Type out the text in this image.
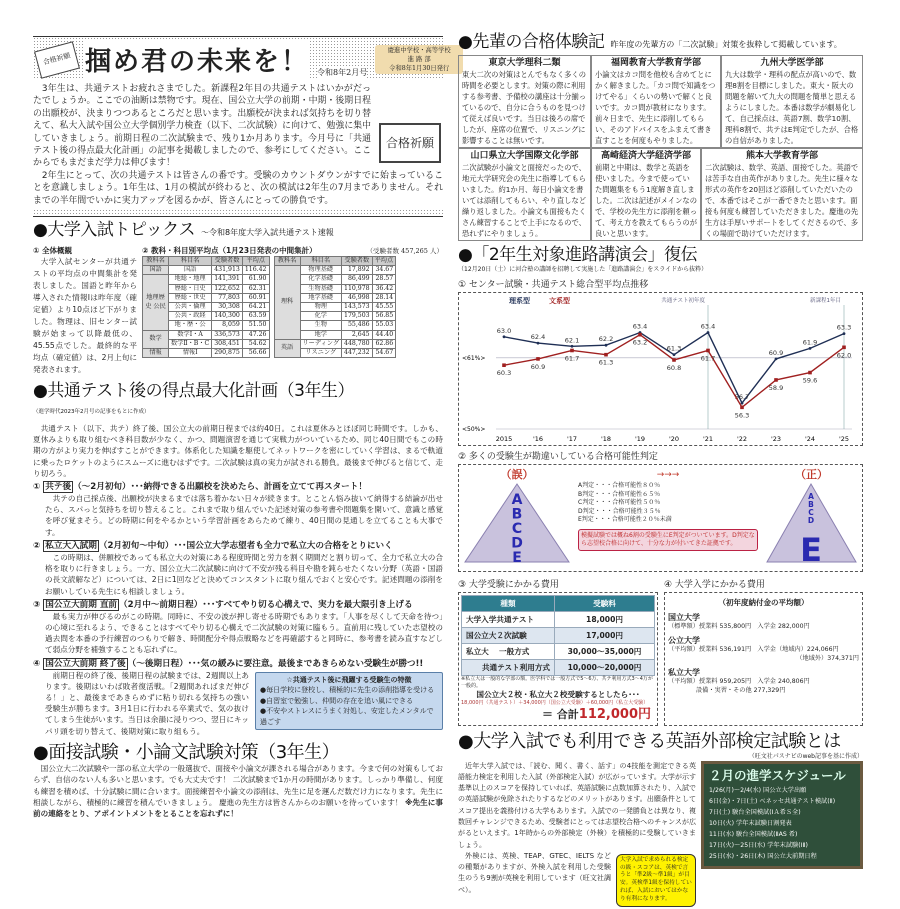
合格祈願 掴め君の未来を！ 令和8年2月号
慶進中学校・高等学校
進 路 部
令和8年1月30日発行
合格祈願

3年生は、共通テストお疲れさまでした。新課程2年目の共通テストはいかがだったでしょうか。ここでの油断は禁物です。現在、国公立大学の前期・中期・後期日程の出願校が、決まりつつあるところだと思います。出願校が決まれば気持ちを切り替えて、私大入試や国公立大学個別学力検査（以下、二次試験）に向けて、勉強に集中していきましょう。前期日程の二次試験まで、残り1か月あります。今月号に「共通テスト後の得点最大化計画」の記事を掲載しましたので、参考にしてください。ここからでもまだまだ学力は伸びます！

2年生にとって、次の共通テストは皆さんの番です。受験のカウントダウンがすでに始まっていることを意識しましょう。1年生は、1月の模試が終わると、次の模試は2年生の7月までありません。それまでの半年間でいかに実力アップを図るかが、皆さんにとっての勝負です。

●大学入試トピックス ～令和8年度大学入試共通テスト速報
① 全体概観
大学入試センターが共通テストの平均点の中間集計を発表しました。国語と昨年から導入された情報Ⅰは昨年度（確定値）より10点ほど下がりました。物理は、旧センター試験が始まって以降最低の、45.55点でした。最終的な平均点（確定値）は、2月上旬に発表されます。
② 教科・科目別平均点（1月23日発表の中間集計）	（受験者数 457,265 人）
教科名	科目名	受験者数	平均点
国語	国語	431,913	116.42
地理歴史 公民	地総・地理	141,391	61.90
	歴総・日史	122,652	62.31
	歴総・世史	77,803	60.91
	公共・倫理	30,308	64.21
	公共・政経	140,300	63.59
	地・歴・公	8,059	51.50
数学	数学Ⅰ・A	336,573	47.26
	数学Ⅱ・B・C	308,451	54.62
情報	情報Ⅰ	290,875	56.66
教科名	科目名	受験者数	平均点
理科	物理基礎	17,892	34.67
	化学基礎	86,499	28.57
	生物基礎	110,978	36.42
	地学基礎	46,998	28.14
	物理	143,573	45.55
	化学	179,503	56.85
	生物	55,486	55.03
	地学	2,645	44.40
英語	リーディング	448,780	62.86
	リスニング	447,232	54.67
●共通テスト後の得点最大化計画（3年生）
（進学時代2023年2月号の記事をもとに作成）

共通テスト（以下、共テ）終了後、国公立大の前期日程までは約40日。これは夏休みとほぼ同じ時間です。しかも、夏休みよりも取り組むべき科目数が少なく、かつ、問題演習を通じて実戦力がついているため、同じ40日間でもこの時期の方がより実力を伸ばすことができます。体系化した知識を駆使してネットワークを密にしていく学習は、まるで軌道に乗ったロケットのようにスムーズに進むはずです。二次試験は真の実力が試される勝負。最後まで伸びると信じて、走り切ろう。

① 共テ後 （～2月初旬）･･･納得できる出願校を決めたら、計画を立てて再スタート！

共テの自己採点後、出願校が決まるまでは落ち着かない日々が続きます。とことん悩み抜いて納得する結論が出せたら、スパっと気持ちを切り替えること。これまで取り組んでいた記述対策の参考書や問題集を開いて、意識と感覚を呼び覚まそう。どの時期に何をやるかという学習計画をあらためて練り、40日間の見通しを立てることも大事です。

② 私立大入試期 （2月初旬～中旬）･･･国公立大学志望者も全力で私立大の合格をとりにいく

この時期は、併願校であっても私立大の対策にある程度時間と労力を割く期間だと割り切って、全力で私立大の合格を取りに行きましょう。一方、国公立大二次試験に向けて不安が残る科目や勘を鈍らせたくない分野（英語・国語の長文読解など）については、2日に1回などと決めてコンスタントに取り組んでおくと安心です。記述問題の添削をお願いしている先生にも相談しましょう。

③ 国公立大前期 直前 （2月中～前期日程）･･･すべてやり切る心構えで、実力を最大限引き上げる

最も実力が伸びるのがこの時期。同時に、不安の波が押し寄せる時期でもあります。「人事を尽くして天命を待つ」の心境に至れるよう、できることはすべてやり切る心構えで二次試験の対策に臨もう。直前用に残していた志望校の過去問を本番の予行練習のつもりで解き、時間配分や得点戦略などを再確認すると同時に、参考書を読み直すなどして弱点分野を補強することも忘れずに。

④ 国公立大前期 終了後 （～後期日程）･･･気の緩みに要注意。最後まであきらめない受験生が勝つ!!
☆共通テスト後に飛躍する受験生の特徴
●毎日学校に登校し、積極的に先生の添削指導を受ける
●自習室で勉強し、仲間の存在を追い風にできる
●不安やストレスにうまく対処し、安定したメンタルで過ごす

前期日程の終了後、後期日程の試験までは、2週間以上あります。後期はいわば敗者復活戦。「2週間あればまだ伸びる！」と、最後まであきらめずに粘り切れる気持ちの強い受験生が勝ちます。3月1日に行われる卒業式で、気の抜けてしまう生徒がいます。当日は余韻に浸りつつ、翌日にキッパリ頭を切り替えて、後期対策に取り組もう。

●面接試験・小論文試験対策（3年生）
国公立大二次試験や一部の私立大学の一般選抜で、面接や小論文が課される場合があります。今まで何の対策もしておらず、自信のない人も多いと思います。でも大丈夫です！ 二次試験まで1か月の時間があります。しっかり準備し、何度も練習を積めば、十分試験に間に合います。面接練習や小論文の添削は、先生に足を運んだ数だけ力になります。先生に相談しながら、積極的に練習を積んでいきましょう。 慶進の先生方は皆さんからのお願いを待っています！ ※先生に事前の連絡をとり、アポイントメントをとることを忘れずに！
●先輩の合格体験記 昨年度の先輩方の「二次試験」対策を抜粋して掲載しています。
東京大学理科二類
東大二次の対策はとんでもなく多くの時間を必要とします。対策の際に利用する参考書、予備校の講座は十分揃っているので、自分に合うものを見つけて従えば良いです。当日は後ろの席でしたが、座席の位置で、リスニングに影響することは無いです。
福岡教育大学教育学部
小論文はカコ問を他校も含めてとにかく解きました。「カコ問で知識をつけてやる」くらいの勢いで解くと良いです。カコ問が教材になります。前々日まで、先生に添削してもらい、そのアドバイスをふまえて書き直すことを何度もやりました。
九州大学医学部
九大は数学・理科の配点が高いので、数理8割を目標にしました。東大・阪大の問題を解いて九大の問題を簡単と思えるようにしました。本番は数学が劇易化して、自己採点は、英語7割、数学10割、理科8割で、共テはE判定でしたが、合格の自信がありました。
山口県立大学国際文化学部
二次試験が小論文と面接だったので、地元大学研究会の先生に指導してもらいました。約1か月、毎日小論文を書いては添削してもらい、やり直しなど繰り返しました。小論文も面接もたくさん練習することで上手になるので、恐れずにやりましょう。
高崎経済大学経済学部
前期と中期は、数学と英語を使いました。今まで使っていた問題集をもう1度解き直しました。二次は記述がメインなので、学校の先生方に添削を頼って、考え方を教えてもらうのが良いと思います。
熊本大学教育学部
二次試験は、数学、英語、面接でした。英語では苦手な自由英作がありました。先生に様々な形式の英作を20回ほど添削していただいたので、本番ではそこが一番できたと思います。面接も何度も練習していただきました。慶進の先生方は手厚いサポートをしてくださるので、多くの場面で助けていただけます。
●「2年生対象進路講演会」復伝
（12月20日（土）に河合塾の講師を招聘して実施した「進路講演会」をスライドから抜粋）
① センター試験・共通テスト総合型平均点推移
<61%>
<50%>
共通テスト初年度	新課程1年目
2015	'16	'17	'18	'19	'20	'21	'22	'23	'24	'25
63.0
62.4	62.1	62.2
63.4
61.3
63.4
56.7
60.9
61.9
63.3
60.3
60.9
61.7
61.3
63.2
60.8
61.7
56.3
58.9
59.6
62.0
理系型	文系型
② 多くの受験生が勘違いしている合格可能性判定
（誤）
A
B
C
D
E
→→→
A判定・・・合格可能性８０％
B判定・・・合格可能性６５％
C判定・・・合格可能性５０％
D判定・・・合格可能性３５％
E判定・・・合格可能性２０％未満
模擬試験では概ね6割の受験生にE判定がついています。D判定なら志望校合格に向けて、十分な力が付いてきた証拠です。
（正）
A
B
C
D
E
③ 大学受験にかかる費用
種類	受験料
大学入学共通テスト	18,000円
国公立大２次試験	17,000円
私立大　 一般方式	30,000～35,000円
共通テスト利用方式	10,000～20,000円
※私立大は一般的な学部の額。医学科では一般方式で5～6万、共テ利用方式3～4万が一般的。
国公立大２校・私立大２校受験するとしたら･･･
18,000円（共通テスト）＋34,000円（国公立大受験）＋60,000円（私立大受験）
＝ 合計112,000円
④ 大学入学にかかる費用
（初年度納付金の平均額）
国立大学
（標準額）授業料 535,800円　入学金 282,000円
公立大学
（平均額）授業料 536,191円　入学金（地域内）224,066円
（地域外）374,371円
私立大学
（平均額）授業料 959,205円　入学金 240,806円
設備・実習・その他 277,329円
●大学入試でも利用できる英語外部検定試験とは
（旺文社パスナビのweb記事を基に作成）

近年大学入試では、「読む、聞く、書く、話す」の4技能を測定できる英語能力検定を利用した入試（外部検定入試）が広がっています。大学が示す基準以上のスコアを保持していれば、英語試験に点数加算されたり、入試での英語試験が免除されたりするなどのメリットがあります。出願条件としてスコア提出を義務付ける大学もあります。入試での一発勝負とは異なり、複数回チャレンジできるため、受験者にとっては志望校合格へのチャンスが広がるといえます。1年時からの外部検定（外検）を積極的に受験していきましょう。

大学入試で求められる検定の級・スコアは、英検で言うと「準2級～準1級」が目安。英検準1級を保持していれば、入試においてはかなり有利になります。

外検には、英検、TEAP、GTEC、IELTS などの種類がありますが、外検入試を利用した受験生のうち9割が英検を利用しています（旺文社調べ）。

２月の進学スケジュール
1/26(月)～2/4(水) 国公立大学出願
6日(金)・7日(土) ベネッセ共通テスト模試(Ⅱ)
7日(土) 駿台全国模試(ⅠＡ希Ｓ全)
10日(火) 学年末試験日割発表
11日(水) 駿台全国模試(ⅡAS 希)
17日(火)～25日(水) 学年末試験(ⅠⅡ)
25日(水)・26日(木) 国公立大前期日程
